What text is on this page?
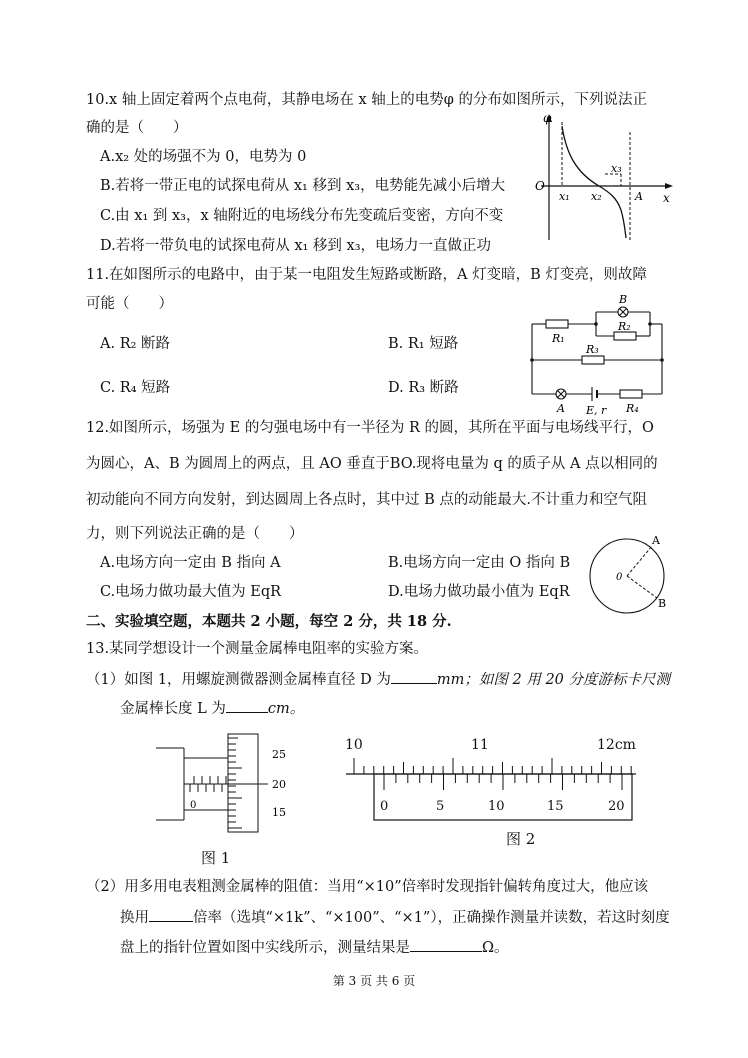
10.x 轴上固定着两个点电荷，其静电场在 x 轴上的电势φ 的分布如图所示，下列说法正
确的是（　　）
A.x₂ 处的场强不为 0，电势为 0
B.若将一带正电的试探电荷从 x₁ 移到 x₃，电势能先减小后增大
C.由 x₁ 到 x₃，x 轴附近的电场线分布先变疏后变密，方向不变
D.若将一带负电的试探电荷从 x₁ 移到 x₃，电场力一直做正功
φ
O
x
x₁ x₂
x₃
A
11.在如图所示的电路中，由于某一电阻发生短路或断路，A 灯变暗，B 灯变亮，则故障
可能（　　）
A. R₂ 断路	B. R₁ 短路
C. R₄ 短路	D. R₃ 断路
B
R₁
R₂
R₃
R₄
A E, r
12.如图所示，场强为 E 的匀强电场中有一半径为 R 的圆，其所在平面与电场线平行，O
为圆心，A、B 为圆周上的两点，且 AO 垂直于BO.现将电量为 q 的质子从 A 点以相同的
初动能向不同方向发射，到达圆周上各点时，其中过 B 点的动能最大.不计重力和空气阻
力，则下列说法正确的是（　　）
A.电场方向一定由 B 指向 A	B.电场方向一定由 O 指向 B
C.电场力做功最大值为 EqR	D.电场力做功最小值为 EqR
A
B
0
二、实验填空题，本题共 2 小题，每空 2 分，共 18 分.
13.某同学想设计一个测量金属棒电阻率的实验方案。
（1）如图 1，用螺旋测微器测金属棒直径 D 为	mm；如图 2 用 20 分度游标卡尺测
金属棒长度 L 为	cm。
25
20
15
0
图 1
10	11	12cm
0	5	10	15	20
图 2
（2）用多用电表粗测金属棒的阻值：当用“×10”倍率时发现指针偏转角度过大，他应该
换用	倍率（选填“×1k”、“×100”、“×1”），正确操作测量并读数，若这时刻度
盘上的指针位置如图中实线所示，测量结果是	Ω。
第 3 页 共 6 页
